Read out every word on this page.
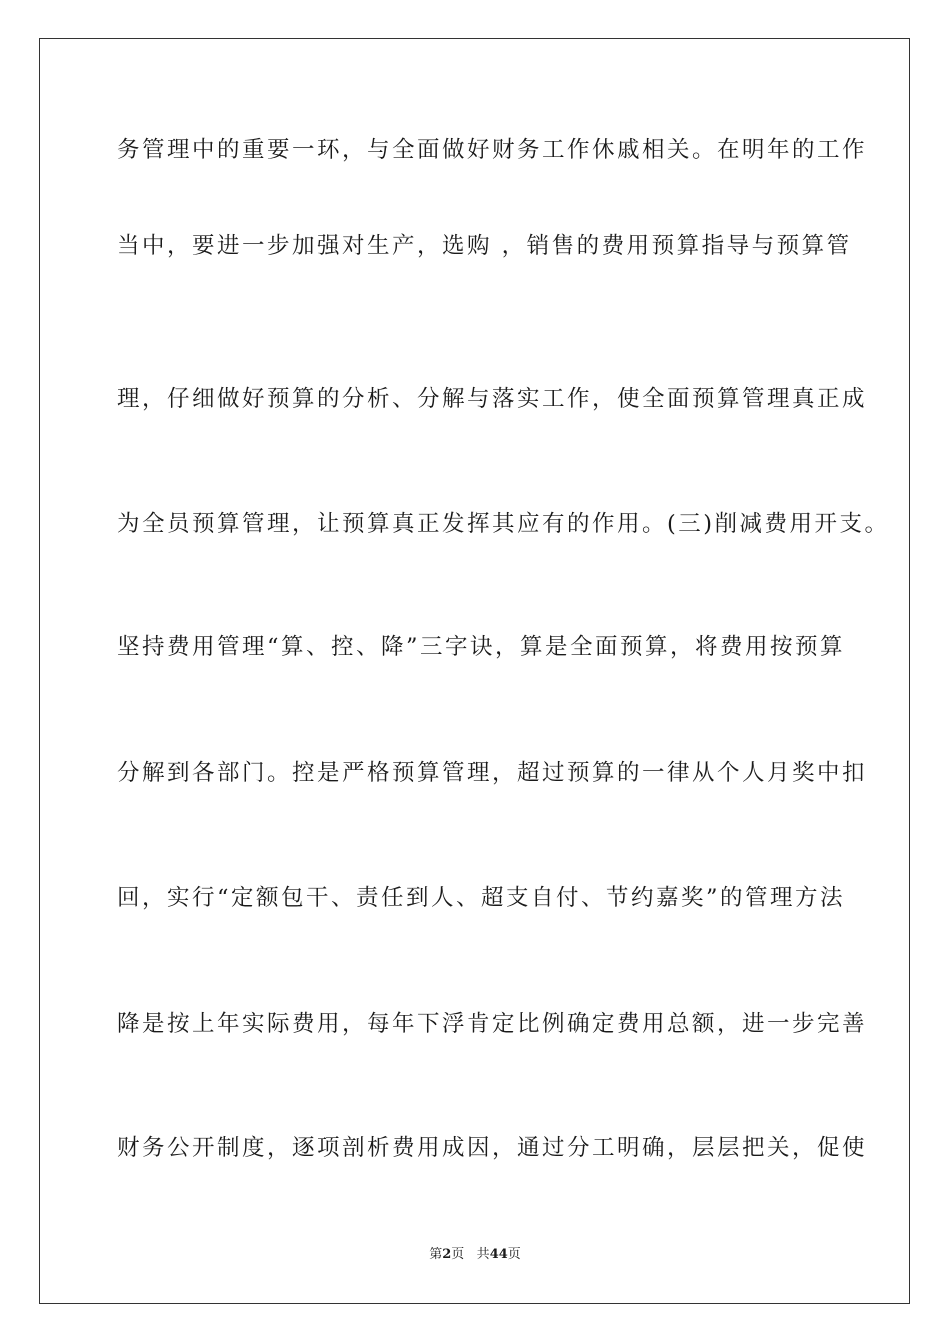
务管理中的重要一环，与全面做好财务工作休戚相关。在明年的工作
当中，要进一步加强对生产，选购 ，销售的费用预算指导与预算管
理，仔细做好预算的分析、分解与落实工作，使全面预算管理真正成
为全员预算管理，让预算真正发挥其应有的作用。(三)削减费用开支。
坚持费用管理“算、控、降”三字诀，算是全面预算，将费用按预算
分解到各部门。控是严格预算管理，超过预算的一律从个人月奖中扣
回，实行“定额包干、责任到人、超支自付、节约嘉奖”的管理方法
降是按上年实际费用，每年下浮肯定比例确定费用总额，进一步完善
财务公开制度，逐项剖析费用成因，通过分工明确，层层把关，促使
第2页 共44页
